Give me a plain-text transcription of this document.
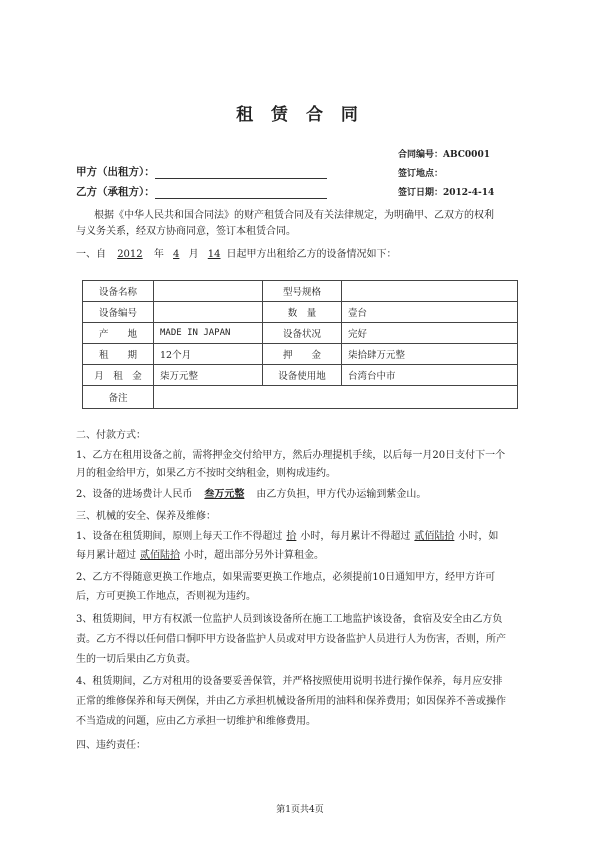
租 赁 合 同
合同编号：ABC0001
签订地点：
签订日期：2012-4-14
甲方（出租方）：
乙方（承租方）：
根据《中华人民共和国合同法》的财产租赁合同及有关法律规定，为明确甲、乙双方的权利
与义务关系，经双方协商同意，签订本租赁合同。
一、自 2012 年 4 月 14 日起甲方出租给乙方的设备情况如下：
设备名称		型号规格	
设备编号		数　量	壹台
产　　地	MADE IN JAPAN	设备状况	完好
租　　期	12个月	押　　金	柒拾肆万元整
月　租　金	柒万元整	设备使用地	台湾台中市
备注			
二、付款方式：
1、乙方在租用设备之前，需将押金交付给甲方，然后办理提机手续，以后每一月20日支付下一个
月的租金给甲方，如果乙方不按时交纳租金，则构成违约。
2、设备的进场费计人民币 叁万元整 由乙方负担，甲方代办运输到紫金山。
三、机械的安全、保养及维修：
1、设备在租赁期间，原则上每天工作不得超过 拾 小时，每月累计不得超过 贰佰陆拾 小时，如
每月累计超过 贰佰陆拾 小时，超出部分另外计算租金。
2、乙方不得随意更换工作地点，如果需要更换工作地点，必须提前10日通知甲方，经甲方许可
后，方可更换工作地点，否则视为违约。
3、租赁期间，甲方有权派一位监护人员到该设备所在施工工地监护该设备，食宿及安全由乙方负
责。乙方不得以任何借口恫吓甲方设备监护人员或对甲方设备监护人员进行人为伤害，否则，所产
生的一切后果由乙方负责。
4、租赁期间，乙方对租用的设备要妥善保管，并严格按照使用说明书进行操作保养，每月应安排
正常的维修保养和每天例保，并由乙方承担机械设备所用的油料和保养费用；如因保养不善或操作
不当造成的问题，应由乙方承担一切维护和维修费用。
四、违约责任：
第1页共4页
